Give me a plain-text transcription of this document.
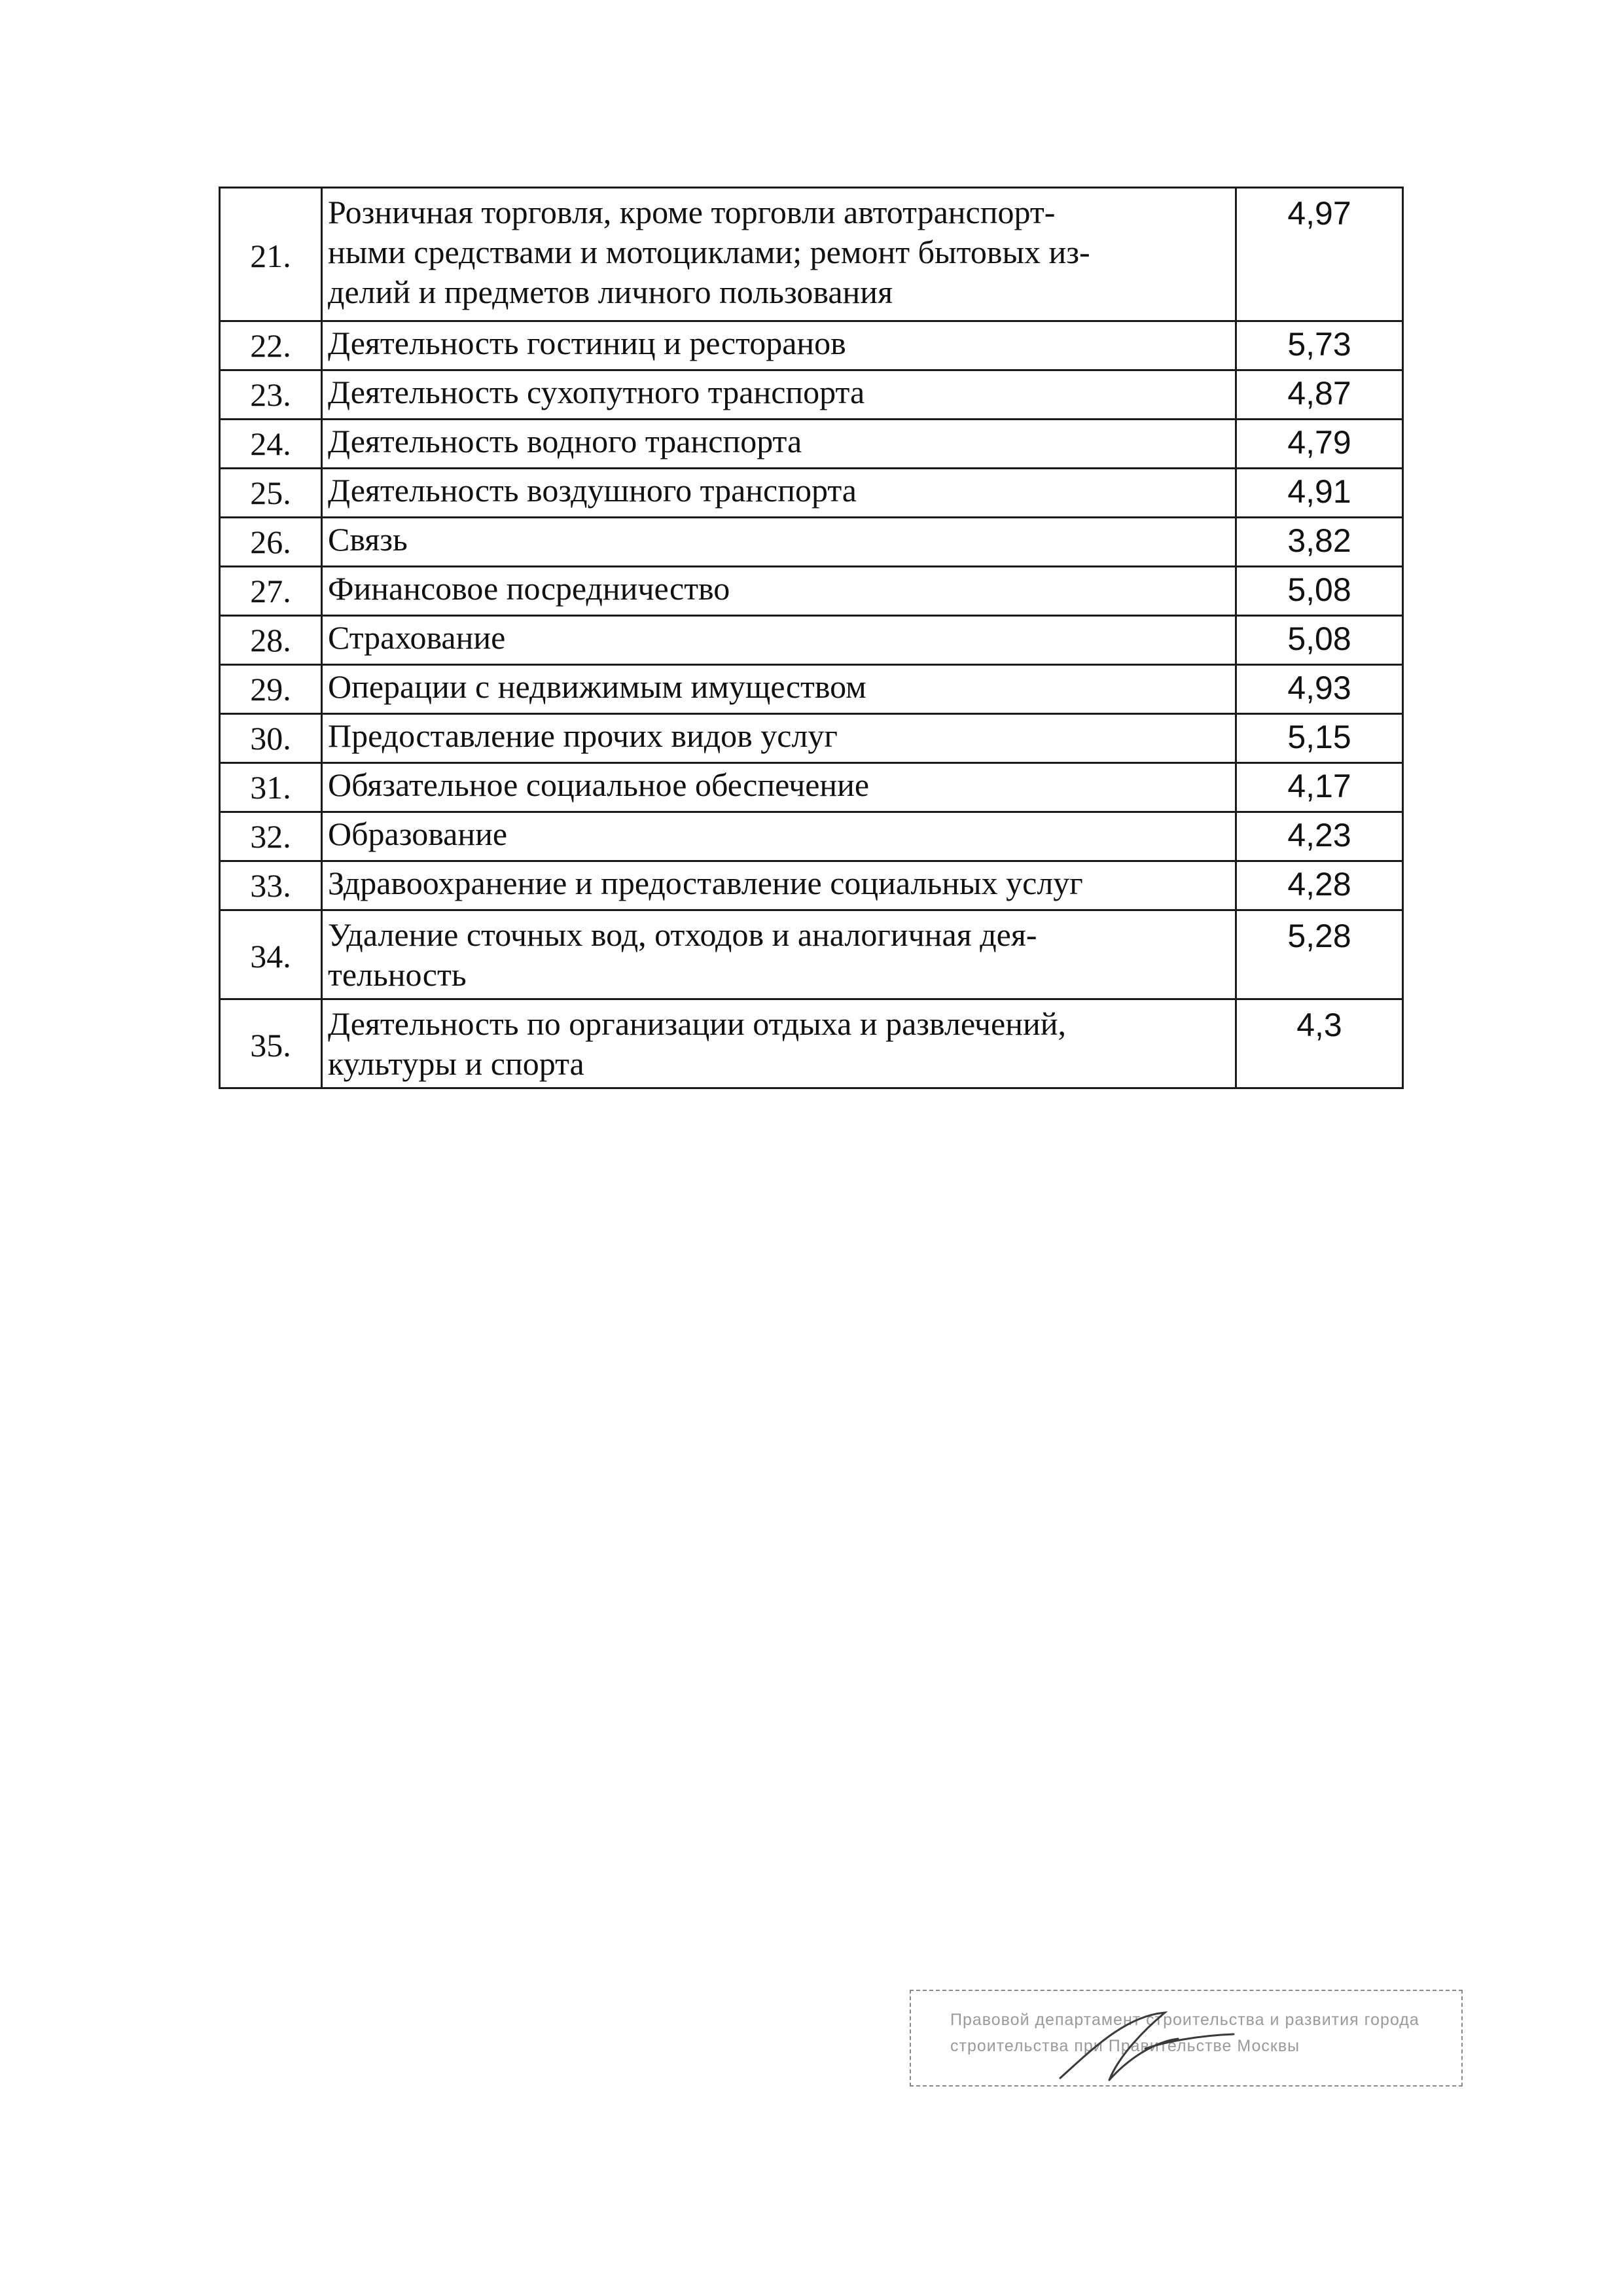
21.	Розничная торговля, кроме торговли автотранспорт-
ными средствами и мотоциклами; ремонт бытовых из-
делий и предметов личного пользования	4,97
22.	Деятельность гостиниц и ресторанов	5,73
23.	Деятельность сухопутного транспорта	4,87
24.	Деятельность водного транспорта	4,79
25.	Деятельность воздушного транспорта	4,91
26.	Связь	3,82
27.	Финансовое посредничество	5,08
28.	Страхование	5,08
29.	Операции с недвижимым имуществом	4,93
30.	Предоставление прочих видов услуг	5,15
31.	Обязательное социальное обеспечение	4,17
32.	Образование	4,23
33.	Здравоохранение и предоставление социальных услуг	4,28
34.	Удаление сточных вод, отходов и аналогичная дея-
тельность	5,28
35.	Деятельность по организации отдыха и развлечений,
культуры и спорта	4,3
Правовой департамент строительства и развития города
строительства при Правительстве Москвы
